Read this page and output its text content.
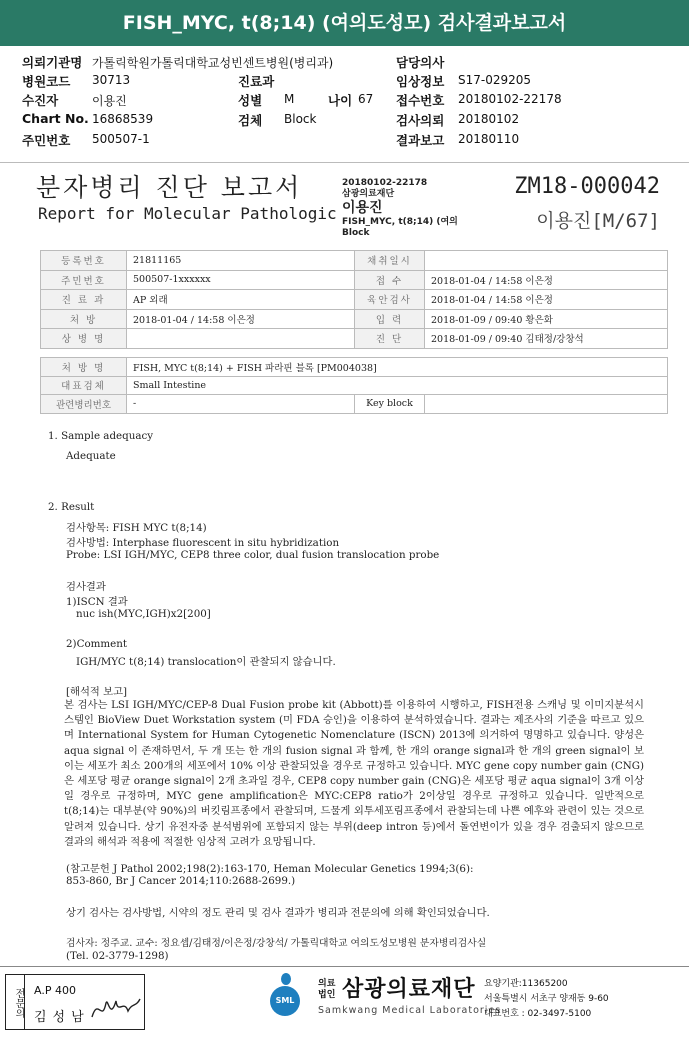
FISH_MYC, t(8;14) (여의도성모) 검사결과보고서
의뢰기관명 가톨릭학원가톨릭대학교성빈센트병원(병리과)	담당의사
병원코드 30713	진료과	임상정보 S17-029205
수진자	이용진	성별 M	나이 67 접수번호 20180102-22178
Chart No. 16868539	검체 Block	검사의뢰 20180102
주민번호 500507-1	결과보고 20180110
분자병리 진단 보고서
Report for Molecular Pathologic
20180102-22178
삼광의료재단
이용진
FISH_MYC, t(8;14) (여의
Block
ZM18-000042
이용진[M/67]
등록번호	21811165	채취일시	
주민번호	500507-1xxxxxx	접 수	2018-01-04 / 14:58 이은정
진 료 과	AP 외래	육안검사	2018-01-04 / 14:58 이은정
처 방	2018-01-04 / 14:58 이은정	입 력	2018-01-09 / 09:40 황은화
상 병 명		진 단	2018-01-09 / 09:40 김태정/강창석
처 방 명	FISH, MYC t(8;14) + FISH 파라핀 블록 [PM004038]		
대표검체	Small Intestine		
관련병리번호	-	Key block	
1. Sample adequacy
Adequate
2. Result
검사항목: FISH MYC t(8;14)
검사방법: Interphase fluorescent in situ hybridization
Probe: LSI IGH/MYC, CEP8 three color, dual fusion translocation probe
검사결과
1)ISCN 결과
nuc ish(MYC,IGH)x2[200]
2)Comment
IGH/MYC t(8;14) translocation이 관찰되지 않습니다.
[해석적 보고]
본 검사는 LSI IGH/MYC/CEP-8 Dual Fusion probe kit (Abbott)를 이용하여 시행하고, FISH전용 스캐닝 및 이미지분석시스템인 BioView Duet Workstation system (미 FDA 승인)을 이용하여 분석하였습니다. 결과는 제조사의 기준을 따르고 있으며 International System for Human Cytogenetic Nomenclature (ISCN) 2013에 의거하여 명명하고 있습니다. 양성은 aqua signal 이 존재하면서, 두 개 또는 한 개의 fusion signal 과 함께, 한 개의 orange signal과 한 개의 green signal이 보이는 세포가 최소 200개의 세포에서 10% 이상 관찰되었을 경우로 규정하고 있습니다. MYC gene copy number gain (CNG)은 세포당 평균 orange signal이 2개 초과일 경우, CEP8 copy number gain (CNG)은 세포당 평균 aqua signal이 3개 이상일 경우로 규정하며, MYC gene amplification은 MYC:CEP8 ratio가 2이상일 경우로 규정하고 있습니다. 일반적으로 t(8;14)는 대부분(약 90%)의 버킷림프종에서 관찰되며, 드물게 외투세포림프종에서 관찰되는데 나쁜 예후와 관련이 있는 것으로 알려져 있습니다. 상기 유전자중 분석범위에 포함되지 않는 부위(deep intron 등)에서 돌연변이가 있을 경우 검출되지 않으므로 결과의 해석과 적용에 적절한 임상적 고려가 요망됩니다.
(참고문헌 J Pathol 2002;198(2):163-170, Heman Molecular Genetics 1994;3(6):
853-860, Br J Cancer 2014;110:2688-2699.)
상기 검사는 검사방법, 시약의 정도 관리 및 검사 결과가 병리과 전문의에 의해 확인되었습니다.
검사자: 정주교. 교수: 정요셉/김태정/이은정/강창석/ 가톨릭대학교 여의도성모병원 분자병리검사실
(Tel. 02-3779-1298)
전문의 A.P 400
김성남
SML
의료
법인 삼광의료재단
Samkwang Medical Laboratories
요양기관:11365200
서울특별시 서초구 양재동 9-60
대표번호 : 02-3497-5100
